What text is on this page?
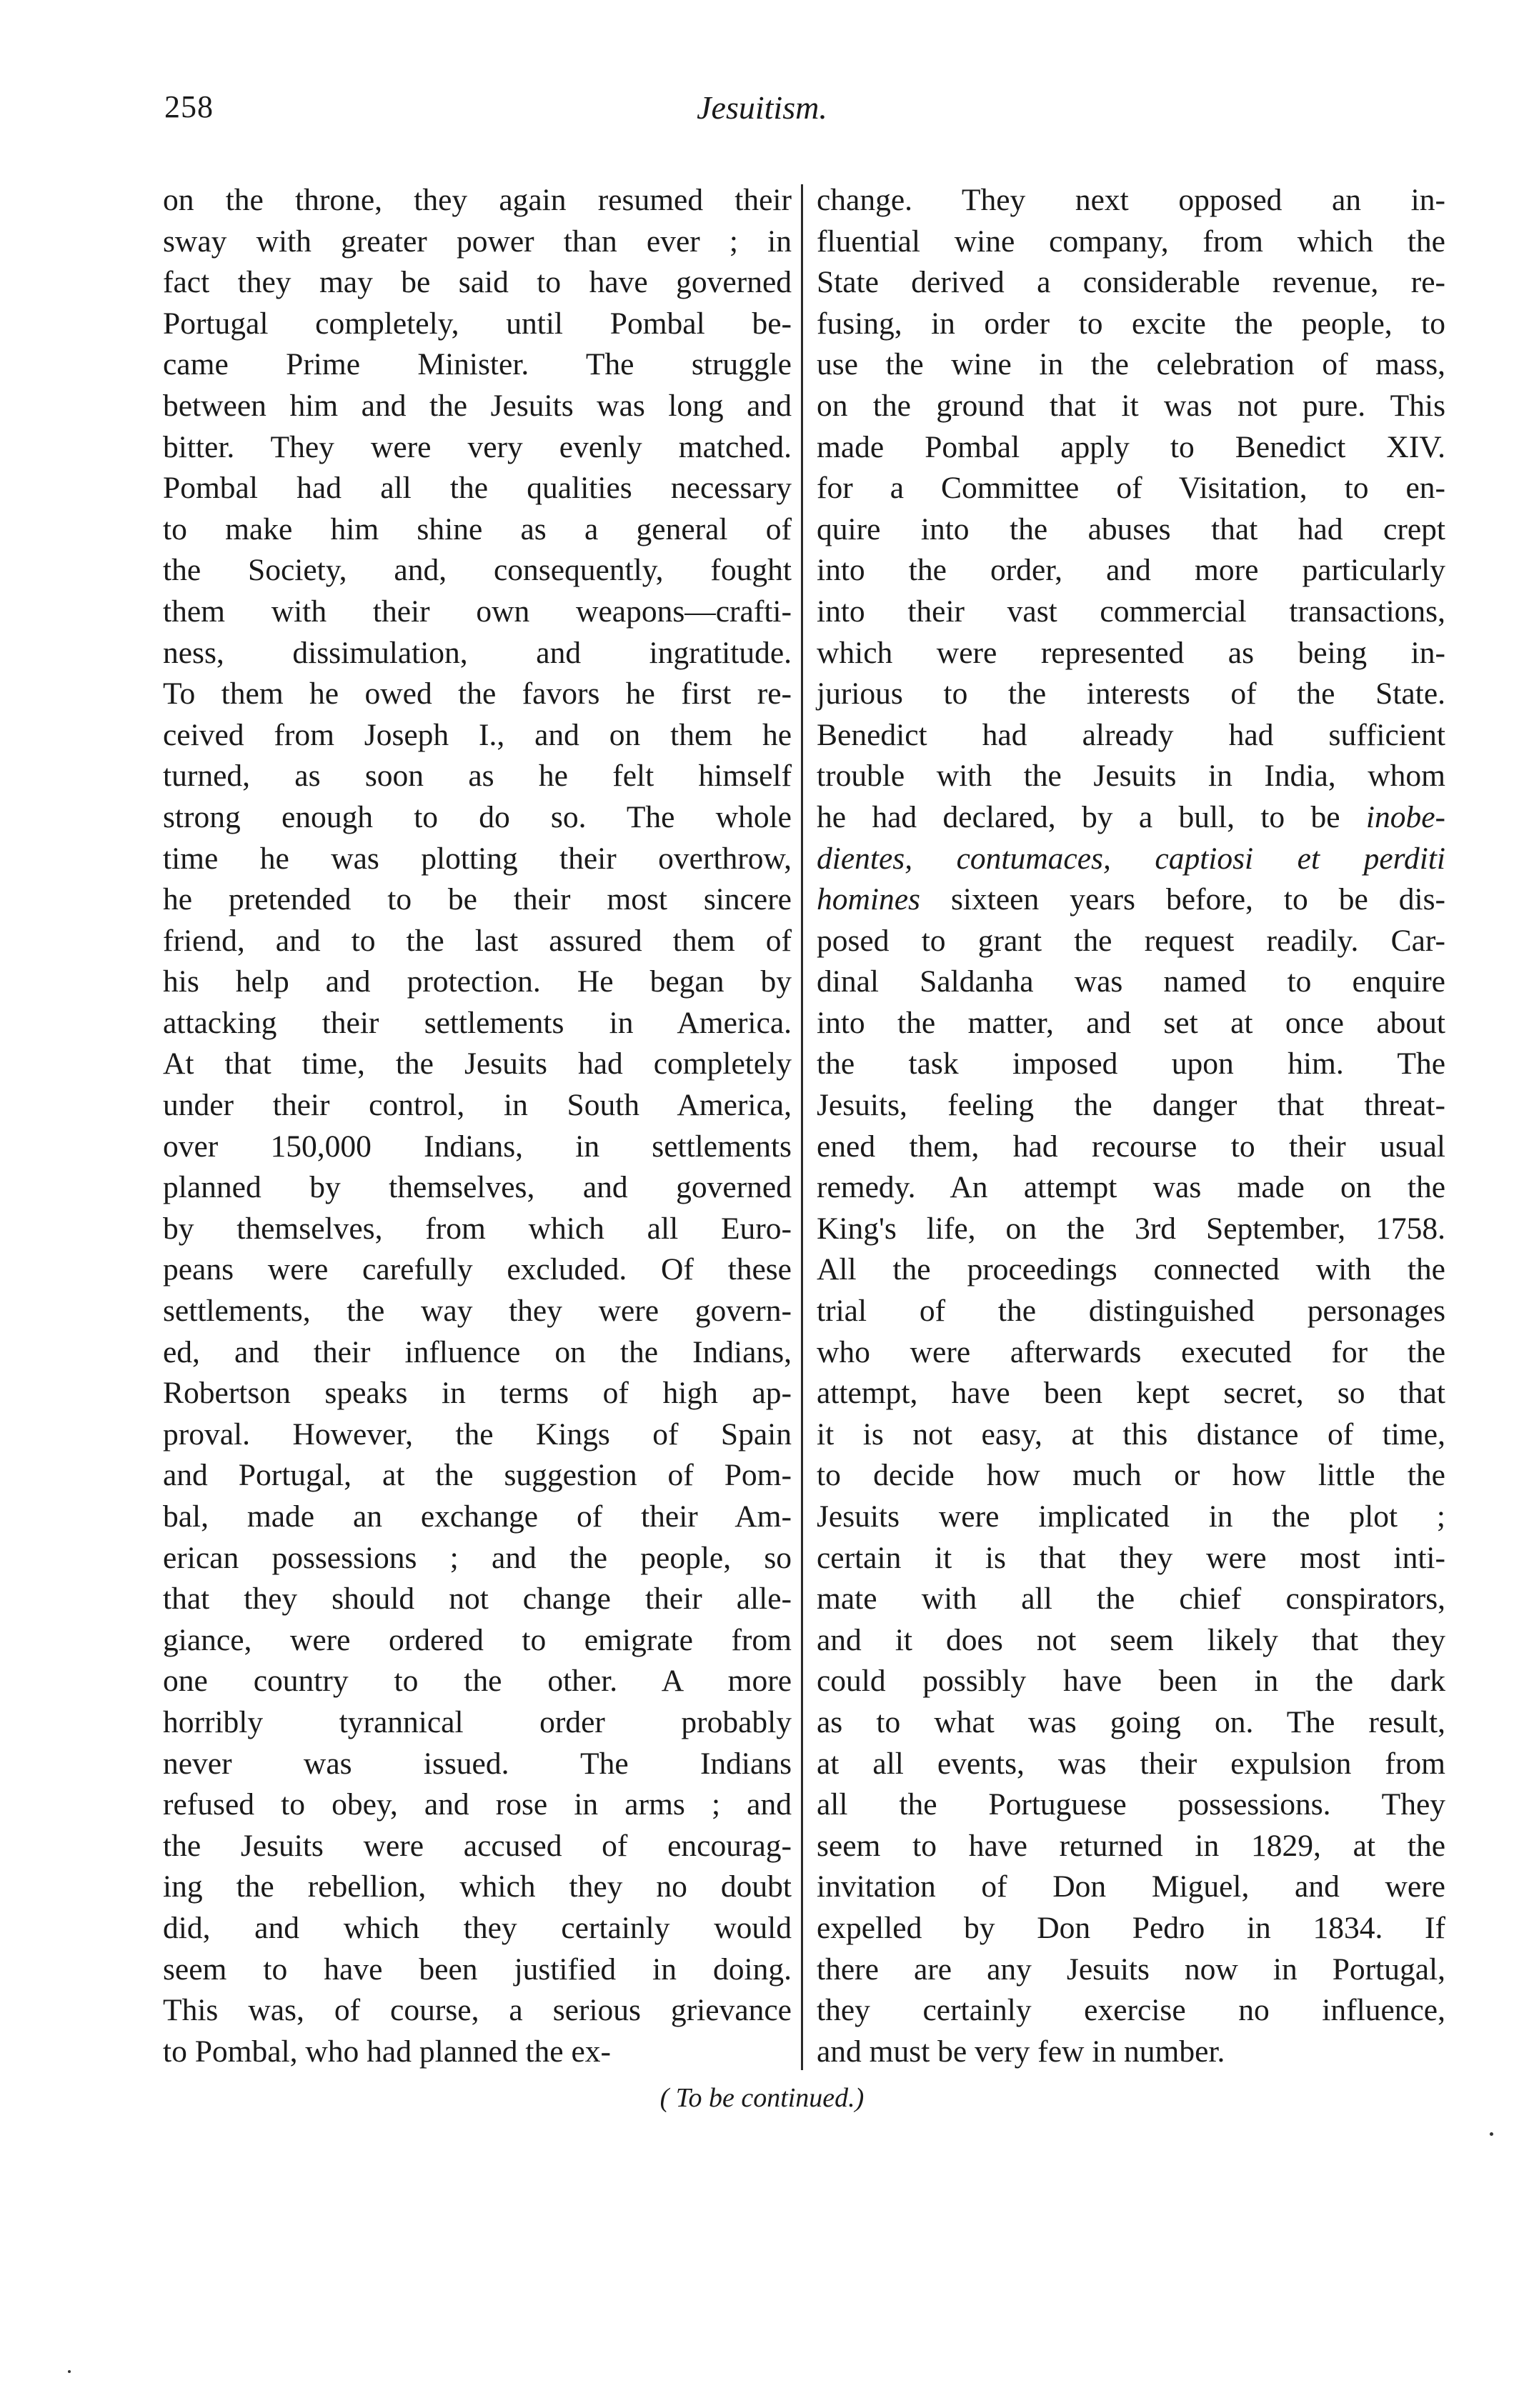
258	Jesuitism.
on the throne, they again resumed their
sway with greater power than ever ; in
fact they may be said to have governed
Portugal completely, until Pombal be-
came Prime Minister. The struggle
between him and the Jesuits was long and
bitter. They were very evenly matched.
Pombal had all the qualities necessary
to make him shine as a general of
the Society, and, consequently, fought
them with their own weapons—crafti-
ness, dissimulation, and ingratitude.
To them he owed the favors he first re-
ceived from Joseph I., and on them he
turned, as soon as he felt himself
strong enough to do so. The whole
time he was plotting their overthrow,
he pretended to be their most sincere
friend, and to the last assured them of
his help and protection. He began by
attacking their settlements in America.
At that time, the Jesuits had completely
under their control, in South America,
over 150,000 Indians, in settlements
planned by themselves, and governed
by themselves, from which all Euro-
peans were carefully excluded. Of these
settlements, the way they were govern-
ed, and their influence on the Indians,
Robertson speaks in terms of high ap-
proval. However, the Kings of Spain
and Portugal, at the suggestion of Pom-
bal, made an exchange of their Am-
erican possessions ; and the people, so
that they should not change their alle-
giance, were ordered to emigrate from
one country to the other. A more
horribly tyrannical order probably
never was issued. The Indians
refused to obey, and rose in arms ; and
the Jesuits were accused of encourag-
ing the rebellion, which they no doubt
did, and which they certainly would
seem to have been justified in doing.
This was, of course, a serious grievance
to Pombal, who had planned the ex-
change. They next opposed an in-
fluential wine company, from which the
State derived a considerable revenue, re-
fusing, in order to excite the people, to
use the wine in the celebration of mass,
on the ground that it was not pure. This
made Pombal apply to Benedict XIV.
for a Committee of Visitation, to en-
quire into the abuses that had crept
into the order, and more particularly
into their vast commercial transactions,
which were represented as being in-
jurious to the interests of the State.
Benedict had already had sufficient
trouble with the Jesuits in India, whom
he had declared, by a bull, to be inobe-
dientes, contumaces, captiosi et perditi
homines sixteen years before, to be dis-
posed to grant the request readily. Car-
dinal Saldanha was named to enquire
into the matter, and set at once about
the task imposed upon him. The
Jesuits, feeling the danger that threat-
ened them, had recourse to their usual
remedy. An attempt was made on the
King's life, on the 3rd September, 1758.
All the proceedings connected with the
trial of the distinguished personages
who were afterwards executed for the
attempt, have been kept secret, so that
it is not easy, at this distance of time,
to decide how much or how little the
Jesuits were implicated in the plot ;
certain it is that they were most inti-
mate with all the chief conspirators,
and it does not seem likely that they
could possibly have been in the dark
as to what was going on. The result,
at all events, was their expulsion from
all the Portuguese possessions. They
seem to have returned in 1829, at the
invitation of Don Miguel, and were
expelled by Don Pedro in 1834. If
there are any Jesuits now in Portugal,
they certainly exercise no influence,
and must be very few in number.
( To be continued.)
